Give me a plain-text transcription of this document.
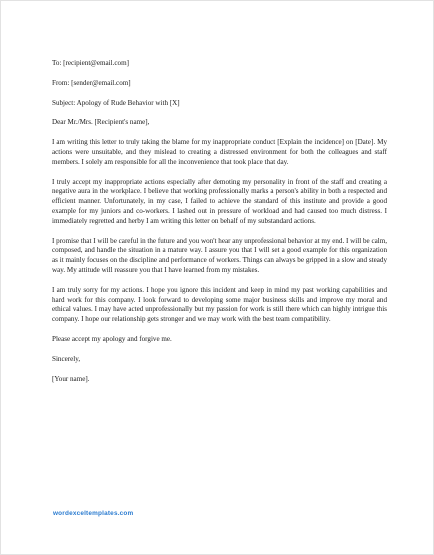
To: [recipient@email.com]
From: [sender@email.com]
Subject: Apology of Rude Behavior with [X]
Dear Mr./Mrs. [Recipient's name],

I am writing this letter to truly taking the blame for my inappropriate conduct [Explain the incidence] on [Date]. My actions were unsuitable, and they mislead to creating a distressed environment for both the colleagues and staff members. I solely am responsible for all the inconvenience that took place that day.

I truly accept my inappropriate actions especially after demoting my personality in front of the staff and creating a negative aura in the workplace. I believe that working professionally marks a person's ability in both a respected and efficient manner. Unfortunately, in my case, I failed to achieve the standard of this institute and provide a good example for my juniors and co-workers. I lashed out in pressure of workload and had caused too much distress. I immediately regretted and herby I am writing this letter on behalf of my substandard actions.

I promise that I will be careful in the future and you won't hear any unprofessional behavior at my end. I will be calm, composed, and handle the situation in a mature way. I assure you that I will set a good example for this organization as it mainly focuses on the discipline and performance of workers. Things can always be gripped in a slow and steady way. My attitude will reassure you that I have learned from my mistakes.

I am truly sorry for my actions. I hope you ignore this incident and keep in mind my past working capabilities and hard work for this company. I look forward to developing some major business skills and improve my moral and ethical values. I may have acted unprofessionally but my passion for work is still there which can highly intrigue this company. I hope our relationship gets stronger and we may work with the best team compatibility.

Please accept my apology and forgive me.

Sincerely,
[Your name].
wordexceltemplates.com
